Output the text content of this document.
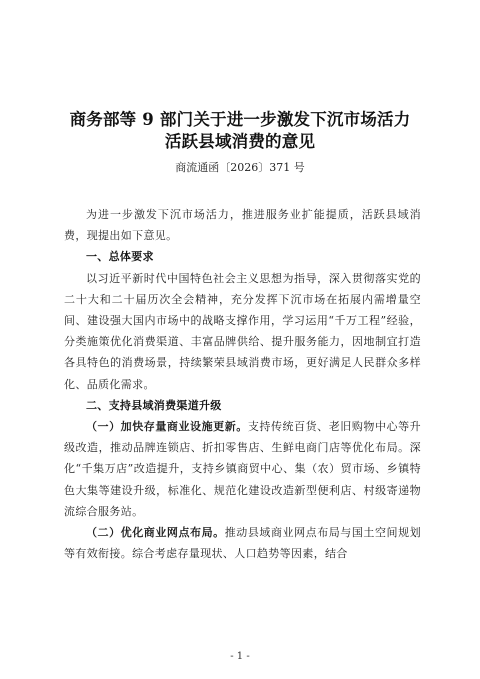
商务部等 9 部门关于进一步激发下沉市场活力
活跃县域消费的意见
商流通函〔2026〕371 号

为进一步激发下沉市场活力，推进服务业扩能提质，活跃县域消费，现提出如下意见。

一、总体要求

以习近平新时代中国特色社会主义思想为指导，深入贯彻落实党的二十大和二十届历次全会精神，充分发挥下沉市场在拓展内需增量空间、建设强大国内市场中的战略支撑作用，学习运用“千万工程”经验，分类施策优化消费渠道、丰富品牌供给、提升服务能力，因地制宜打造各具特色的消费场景，持续繁荣县域消费市场，更好满足人民群众多样化、品质化需求。

二、支持县域消费渠道升级

（一）加快存量商业设施更新。支持传统百货、老旧购物中心等升级改造，推动品牌连锁店、折扣零售店、生鲜电商门店等优化布局。深化“千集万店”改造提升，支持乡镇商贸中心、集（农）贸市场、乡镇特色大集等建设升级，标准化、规范化建设改造新型便利店、村级寄递物流综合服务站。

（二）优化商业网点布局。推动县域商业网点布局与国土空间规划等有效衔接。综合考虑存量现状、人口趋势等因素，结合

- 1 -
